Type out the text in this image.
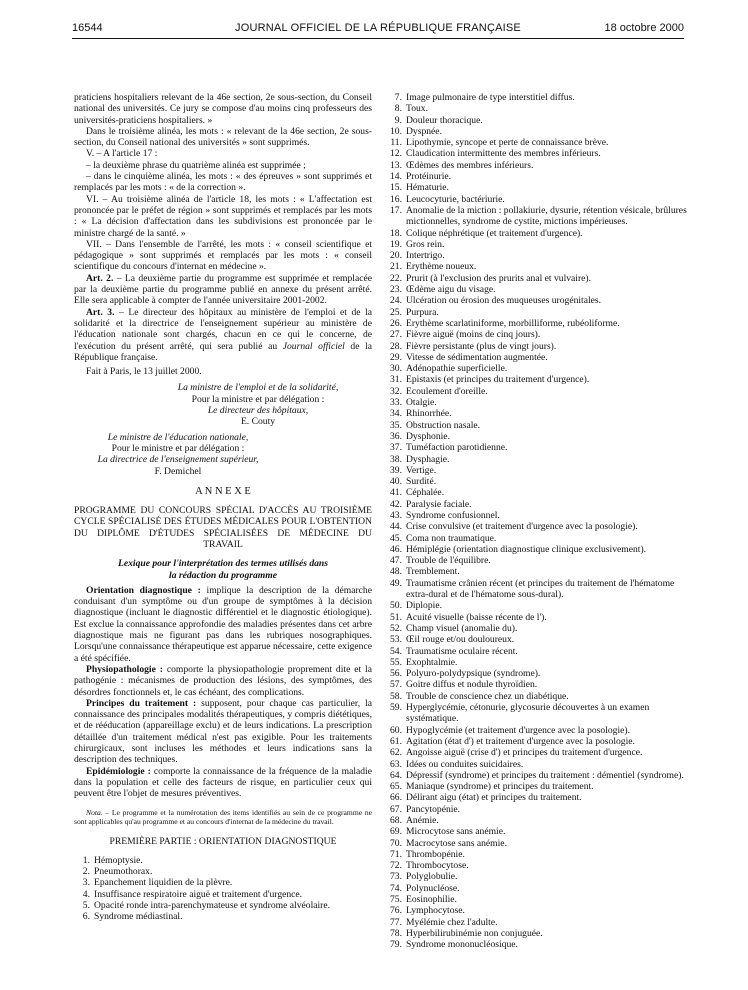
16544	JOURNAL OFFICIEL DE LA RÉPUBLIQUE FRANÇAISE	18 octobre 2000

praticiens hospitaliers relevant de la 46e section, 2e sous-section, du Conseil national des universités. Ce jury se compose d'au moins cinq professeurs des universités-praticiens hospitaliers. »

Dans le troisième alinéa, les mots : « relevant de la 46e section, 2e sous-section, du Conseil national des universités » sont supprimés.

V. – A l'article 17 :

– la deuxième phrase du quatrième alinéa est supprimée ;

– dans le cinquième alinéa, les mots : « des épreuves » sont supprimés et remplacés par les mots : « de la correction ».

VI. – Au troisième alinéa de l'article 18, les mots : « L'affectation est prononcée par le préfet de région » sont supprimés et remplacés par les mots : « La décision d'affectation dans les subdivisions est prononcée par le ministre chargé de la santé. »

VII. – Dans l'ensemble de l'arrêté, les mots : « conseil scientifique et pédagogique » sont supprimés et remplacés par les mots : « conseil scientifique du concours d'internat en médecine ».

Art. 2. – La deuxième partie du programme est supprimée et remplacée par la deuxième partie du programme publié en annexe du présent arrêté. Elle sera applicable à compter de l'année universitaire 2001-2002.

Art. 3. – Le directeur des hôpitaux au ministère de l'emploi et de la solidarité et la directrice de l'enseignement supérieur au ministère de l'éducation nationale sont chargés, chacun en ce qui le concerne, de l'exécution du présent arrêté, qui sera publié au Journal officiel de la République française.

Fait à Paris, le 13 juillet 2000.

La ministre de l'emploi et de la solidarité,

Pour la ministre et par délégation :

Le directeur des hôpitaux,

E. Couty

Le ministre de l'éducation nationale,

Pour le ministre et par délégation :

La directrice de l'enseignement supérieur,

F. Demichel

A N N E X E

PROGRAMME DU CONCOURS SPÉCIAL D'ACCÈS AU TROISIÈME CYCLE SPÉCIALISÉ DES ÉTUDES MÉDICALES POUR L'OBTENTION DU DIPLÔME D'ÉTUDES SPÉCIALISÉES DE MÉDECINE DU TRAVAIL

Lexique pour l'interprétation des termes utilisés dans la rédaction du programme

Orientation diagnostique : implique la description de la démarche conduisant d'un symptôme ou d'un groupe de symptômes à la décision diagnostique (incluant le diagnostic différentiel et le diagnostic étiologique). Est exclue la connaissance approfondie des maladies présentes dans cet arbre diagnostique mais ne figurant pas dans les rubriques nosographiques. Lorsqu'une connaissance thérapeutique est apparue nécessaire, cette exigence a été spécifiée.

Physiopathologie : comporte la physiopathologie proprement dite et la pathogénie : mécanismes de production des lésions, des symptômes, des désordres fonctionnels et, le cas échéant, des complications.

Principes du traitement : supposent, pour chaque cas particulier, la connaissance des principales modalités thérapeutiques, y compris diététiques, et de rééducation (appareillage exclu) et de leurs indications. La prescription détaillée d'un traitement médical n'est pas exigible. Pour les traitements chirurgicaux, sont incluses les méthodes et leurs indications sans la description des techniques.

Epidémiologie : comporte la connaissance de la fréquence de la maladie dans la population et celle des facteurs de risque, en particulier ceux qui peuvent être l'objet de mesures préventives.

Nota. – Le programme et la numérotation des items identifiés au sein de ce programme ne sont applicables qu'au programme et au concours d'internat de la médecine du travail.

PREMIÈRE PARTIE : ORIENTATION DIAGNOSTIQUE

1. Hémoptysie.
2. Pneumothorax.
3. Epanchement liquidien de la plèvre.
4. Insuffisance respiratoire aiguë et traitement d'urgence.
5. Opacité ronde intra-parenchymateuse et syndrome alvéolaire.
6. Syndrome médiastinal.
7. Image pulmonaire de type interstitiel diffus.
8. Toux.
9. Douleur thoracique.
10. Dyspnée.
11. Lipothymie, syncope et perte de connaissance brève.
12. Claudication intermittente des membres inférieurs.
13. Œdèmes des membres inférieurs.
14. Protéinurie.
15. Hématurie.
16. Leucocyturie, bactériurie.
17. Anomalie de la miction : pollakiurie, dysurie, rétention vésicale, brûlures mictionnelles, syndrome de cystite, mictions impérieuses.
18. Colique néphrétique (et traitement d'urgence).
19. Gros rein.
20. Intertrigo.
21. Erythème noueux.
22. Prurit (à l'exclusion des prurits anal et vulvaire).
23. Œdème aigu du visage.
24. Ulcération ou érosion des muqueuses urogénitales.
25. Purpura.
26. Erythème scarlatiniforme, morbilliforme, rubéoliforme.
27. Fièvre aiguë (moins de cinq jours).
28. Fièvre persistante (plus de vingt jours).
29. Vitesse de sédimentation augmentée.
30. Adénopathie superficielle.
31. Epistaxis (et principes du traitement d'urgence).
32. Ecoulement d'oreille.
33. Otalgie.
34. Rhinorrhée.
35. Obstruction nasale.
36. Dysphonie.
37. Tuméfaction parotidienne.
38. Dysphagie.
39. Vertige.
40. Surdité.
41. Céphalée.
42. Paralysie faciale.
43. Syndrome confusionnel.
44. Crise convulsive (et traitement d'urgence avec la posologie).
45. Coma non traumatique.
46. Hémiplégie (orientation diagnostique clinique exclusivement).
47. Trouble de l'équilibre.
48. Tremblement.
49. Traumatisme crânien récent (et principes du traitement de l'hématome extra-dural et de l'hématome sous-dural).
50. Diplopie.
51. Acuité visuelle (baisse récente de l').
52. Champ visuel (anomalie du).
53. Œil rouge et/ou douloureux.
54. Traumatisme oculaire récent.
55. Exophtalmie.
56. Polyuro-polydypsique (syndrome).
57. Goitre diffus et nodule thyroïdien.
58. Trouble de conscience chez un diabétique.
59. Hyperglycémie, cétonurie, glycosurie découvertes à un examen systématique.
60. Hypoglycémie (et traitement d'urgence avec la posologie).
61. Agitation (état d') et traitement d'urgence avec la posologie.
62. Angoisse aiguë (crise d') et principes du traitement d'urgence.
63. Idées ou conduites suicidaires.
64. Dépressif (syndrome) et principes du traitement : démentiel (syndrome).
65. Maniaque (syndrome) et principes du traitement.
66. Délirant aigu (état) et principes du traitement.
67. Pancytopénie.
68. Anémie.
69. Microcytose sans anémie.
70. Macrocytose sans anémie.
71. Thrombopénie.
72. Thrombocytose.
73. Polyglobulie.
74. Polynucléose.
75. Eosinophilie.
76. Lymphocytose.
77. Myélémie chez l'adulte.
78. Hyperbilirubinémie non conjuguée.
79. Syndrome mononucléosique.
